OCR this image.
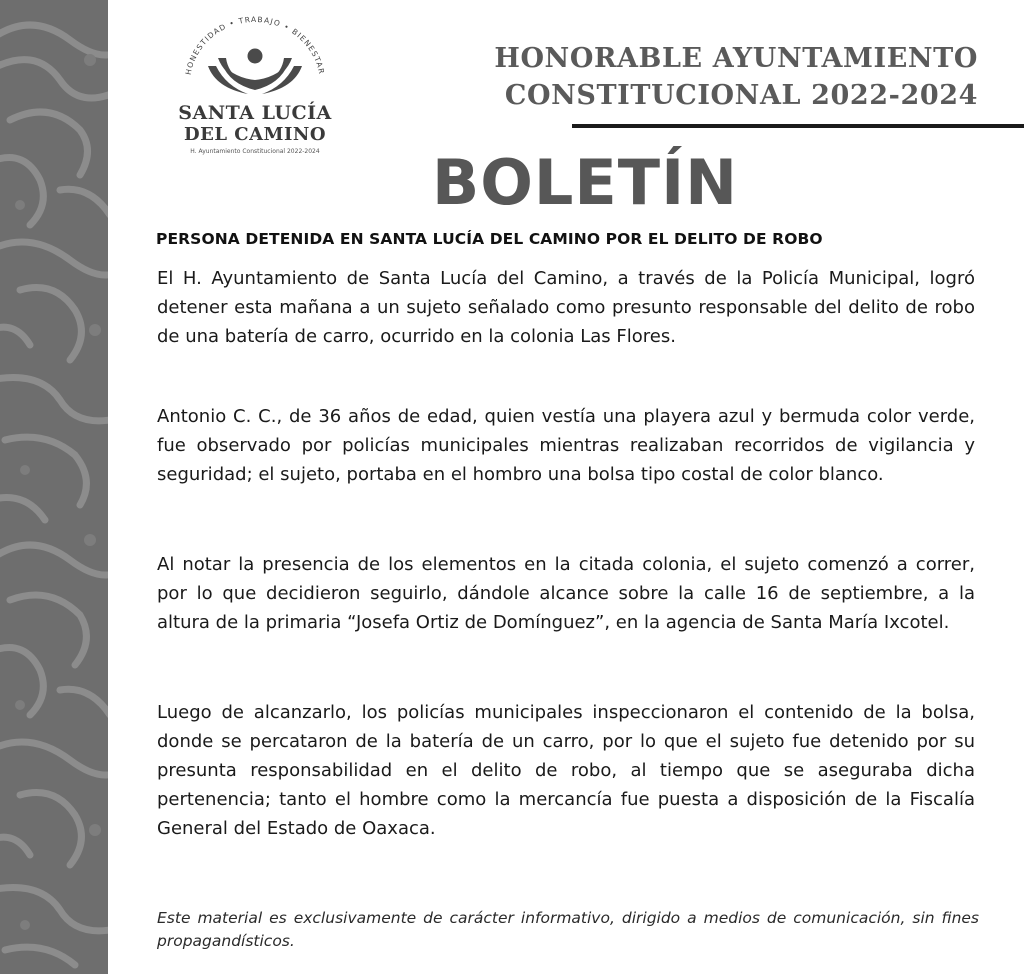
HONESTIDAD • TRABAJO • BIENESTAR
SANTA LUCÍA
DEL CAMINO
H. Ayuntamiento Constitucional 2022-2024
HONORABLE AYUNTAMIENTO
CONSTITUCIONAL 2022-2024
BOLETÍN
PERSONA DETENIDA EN SANTA LUCÍA DEL CAMINO POR EL DELITO DE ROBO

El H. Ayuntamiento de Santa Lucía del Camino, a través de la Policía Municipal, logró detener esta mañana a un sujeto señalado como presunto responsable del delito de robo de una batería de carro, ocurrido en la colonia Las Flores.

Antonio C. C., de 36 años de edad, quien vestía una playera azul y bermuda color verde, fue observado por policías municipales mientras realizaban recorridos de vigilancia y seguridad; el sujeto, portaba en el hombro una bolsa tipo costal de color blanco.

Al notar la presencia de los elementos en la citada colonia, el sujeto comenzó a correr, por lo que decidieron seguirlo, dándole alcance sobre la calle 16 de septiembre, a la altura de la primaria “Josefa Ortiz de Domínguez”, en la agencia de Santa María Ixcotel.

Luego de alcanzarlo, los policías municipales inspeccionaron el contenido de la bolsa, donde se percataron de la batería de un carro, por lo que el sujeto fue detenido por su presunta responsabilidad en el delito de robo, al tiempo que se aseguraba dicha pertenencia; tanto el hombre como la mercancía fue puesta a disposición de la Fiscalía General del Estado de Oaxaca.

Este material es exclusivamente de carácter informativo, dirigido a medios de comunicación, sin fines propagandísticos.
